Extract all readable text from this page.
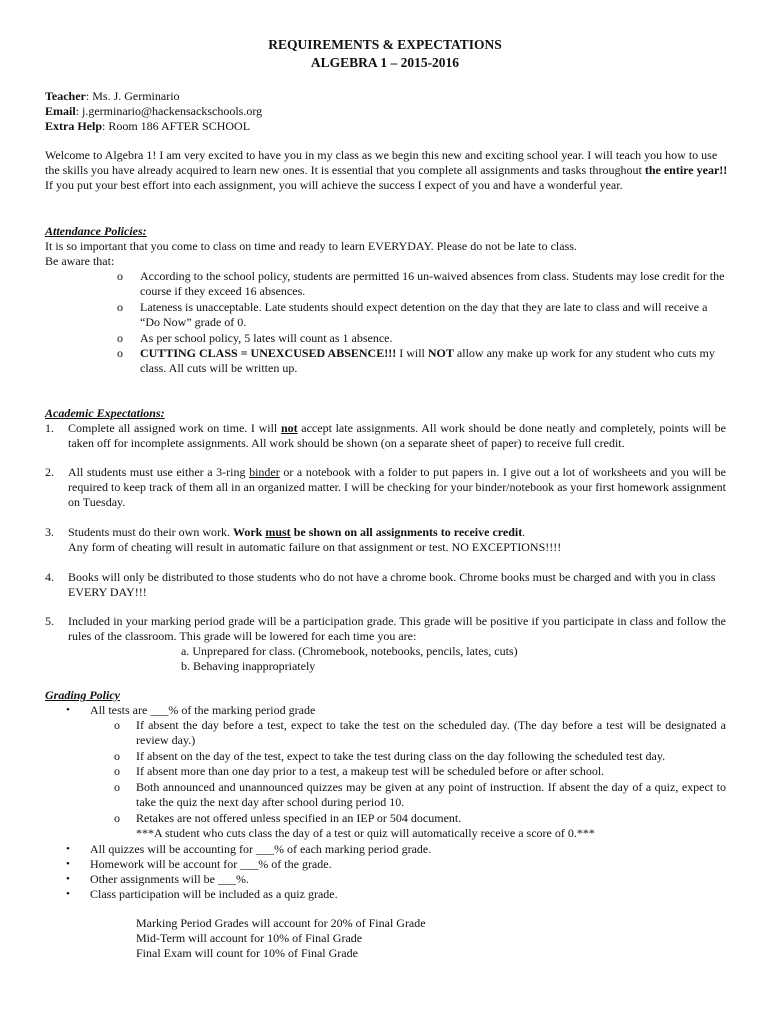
REQUIREMENTS & EXPECTATIONS
ALGEBRA 1 – 2015-2016
Teacher: Ms. J. Germinario
Email: j.germinario@hackensackschools.org
Extra Help: Room 186 AFTER SCHOOL
Welcome to Algebra 1! I am very excited to have you in my class as we begin this new and exciting school year. I will teach you how to use the skills you have already acquired to learn new ones. It is essential that you complete all assignments and tasks throughout the entire year!! If you put your best effort into each assignment, you will achieve the success I expect of you and have a wonderful year.
Attendance Policies:
It is so important that you come to class on time and ready to learn EVERYDAY. Please do not be late to class.
Be aware that:
o According to the school policy, students are permitted 16 un-waived absences from class. Students may lose credit for the course if they exceed 16 absences.
o Lateness is unacceptable. Late students should expect detention on the day that they are late to class and will receive a “Do Now” grade of 0.
o As per school policy, 5 lates will count as 1 absence.
o CUTTING CLASS = UNEXCUSED ABSENCE!!! I will NOT allow any make up work for any student who cuts my class. All cuts will be written up.
Academic Expectations:
1. Complete all assigned work on time. I will not accept late assignments. All work should be done neatly and completely, points will be taken off for incomplete assignments. All work should be shown (on a separate sheet of paper) to receive full credit.
2. All students must use either a 3-ring binder or a notebook with a folder to put papers in. I give out a lot of worksheets and you will be required to keep track of them all in an organized matter. I will be checking for your binder/notebook as your first homework assignment on Tuesday.
3. Students must do their own work. Work must be shown on all assignments to receive credit.
Any form of cheating will result in automatic failure on that assignment or test. NO EXCEPTIONS!!!!
4. Books will only be distributed to those students who do not have a chrome book. Chrome books must be charged and with you in class EVERY DAY!!!
5. Included in your marking period grade will be a participation grade. This grade will be positive if you participate in class and follow the rules of the classroom. This grade will be lowered for each time you are:
a. Unprepared for class. (Chromebook, notebooks, pencils, lates, cuts)
b. Behaving inappropriately
Grading Policy
• All tests are ___% of the marking period grade
o If absent the day before a test, expect to take the test on the scheduled day. (The day before a test will be designated a review day.)
o If absent on the day of the test, expect to take the test during class on the day following the scheduled test day.
o If absent more than one day prior to a test, a makeup test will be scheduled before or after school.
o Both announced and unannounced quizzes may be given at any point of instruction. If absent the day of a quiz, expect to take the quiz the next day after school during period 10.
o Retakes are not offered unless specified in an IEP or 504 document.
***A student who cuts class the day of a test or quiz will automatically receive a score of 0.***
• All quizzes will be accounting for ___% of each marking period grade.
• Homework will be account for ___% of the grade.
• Other assignments will be ___%.
• Class participation will be included as a quiz grade.
Marking Period Grades will account for 20% of Final Grade
Mid-Term will account for 10% of Final Grade
Final Exam will count for 10% of Final Grade
